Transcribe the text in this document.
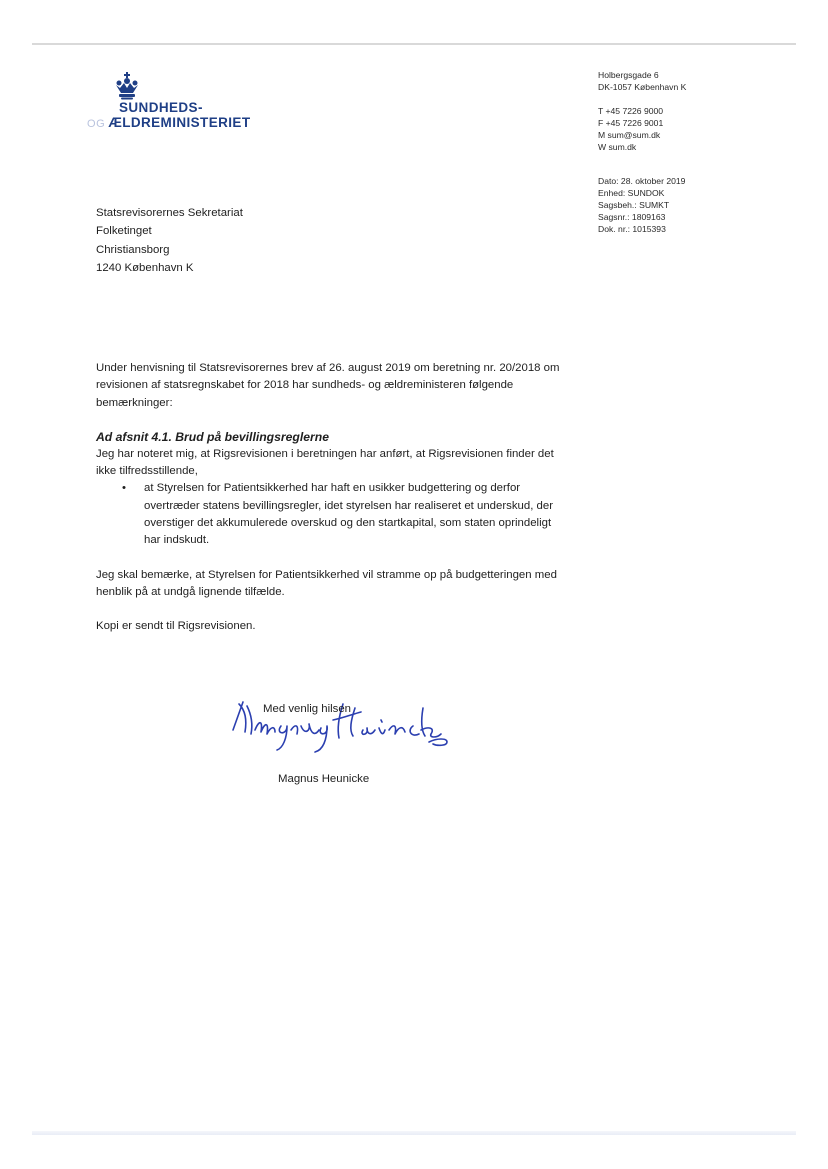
SUNDHEDS-
OG ÆLDREMINISTERIET
Holbergsgade 6
DK-1057 København K
T +45 7226 9000
F +45 7226 9001
M sum@sum.dk
W sum.dk
Dato: 28. oktober 2019
Enhed: SUNDOK
Sagsbeh.: SUMKT
Sagsnr.: 1809163
Dok. nr.: 1015393
Statsrevisorernes Sekretariat
Folketinget
Christiansborg
1240 København K

Under henvisning til Statsrevisorernes brev af 26. august 2019 om beretning nr. 20/2018 om revisionen af statsregnskabet for 2018 har sundheds- og ældreministeren følgende bemærkninger:

Ad afsnit 4.1. Brud på bevillingsreglerne

Jeg har noteret mig, at Rigsrevisionen i beretningen har anført, at Rigsrevisionen finder det ikke tilfredsstillende,

• at Styrelsen for Patientsikkerhed har haft en usikker budgettering og derfor overtræder statens bevillingsregler, idet styrelsen har realiseret et underskud, der overstiger det akkumulerede overskud og den startkapital, som staten oprindeligt har indskudt.

Jeg skal bemærke, at Styrelsen for Patientsikkerhed vil stramme op på budgetteringen med henblik på at undgå lignende tilfælde.

Kopi er sendt til Rigsrevisionen.

Med venlig hilsen
Magnus Heunicke
